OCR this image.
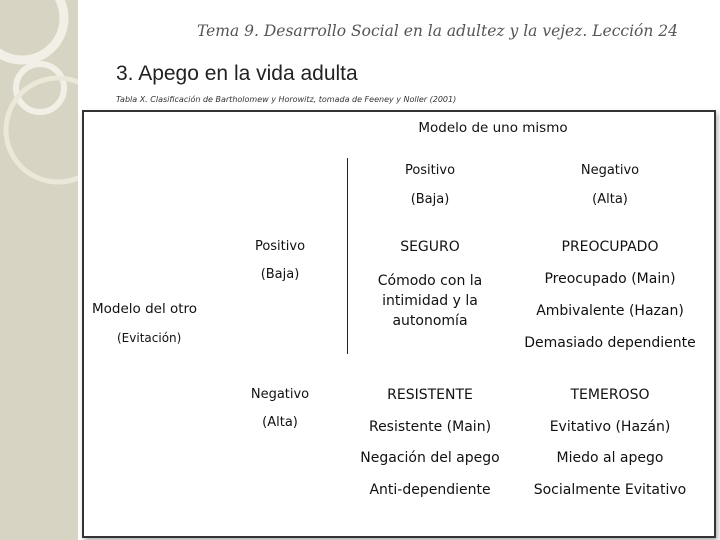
Tema 9. Desarrollo Social en la adultez y la vejez. Lección 24
3. Apego en la vida adulta
Tabla X. Clasificación de Bartholomew y Horowitz, tomada de Feeney y Noller (2001)
Modelo de uno mismo
Positivo
(Baja)
Negativo
(Alta)
Modelo del otro
(Evitación)
Positivo
(Baja)
Negativo
(Alta)
SEGURO
Cómodo con la intimidad y la autonomía
PREOCUPADO
Preocupado (Main)
Ambivalente (Hazan)
Demasiado dependiente
RESISTENTE
Resistente (Main)
Negación del apego
Anti-dependiente
TEMEROSO
Evitativo (Hazán)
Miedo al apego
Socialmente Evitativo
